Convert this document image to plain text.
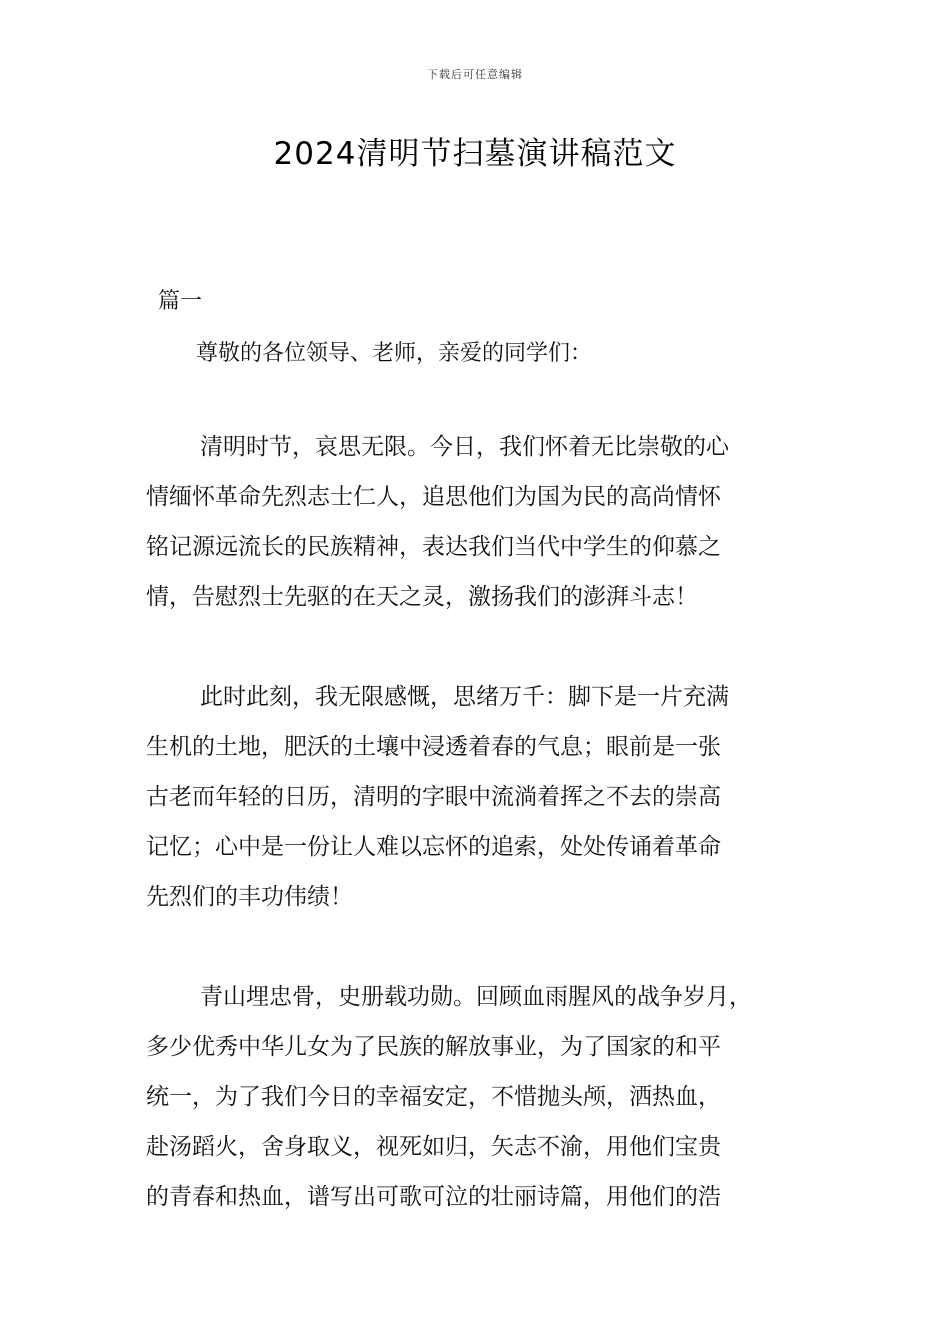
下载后可任意编辑
2024清明节扫墓演讲稿范文
篇一
尊敬的各位领导、老师，亲爱的同学们：
清明时节，哀思无限。今日，我们怀着无比崇敬的心
情缅怀革命先烈志士仁人，追思他们为国为民的高尚情怀
铭记源远流长的民族精神，表达我们当代中学生的仰慕之
情，告慰烈士先驱的在天之灵，激扬我们的澎湃斗志！
此时此刻，我无限感慨，思绪万千：脚下是一片充满
生机的土地，肥沃的土壤中浸透着春的气息；眼前是一张
古老而年轻的日历，清明的字眼中流淌着挥之不去的崇高
记忆；心中是一份让人难以忘怀的追索，处处传诵着革命
先烈们的丰功伟绩！
青山埋忠骨，史册载功勋。回顾血雨腥风的战争岁月，
多少优秀中华儿女为了民族的解放事业，为了国家的和平
统一，为了我们今日的幸福安定，不惜抛头颅，洒热血，
赴汤蹈火，舍身取义，视死如归，矢志不渝，用他们宝贵
的青春和热血，谱写出可歌可泣的壮丽诗篇，用他们的浩
